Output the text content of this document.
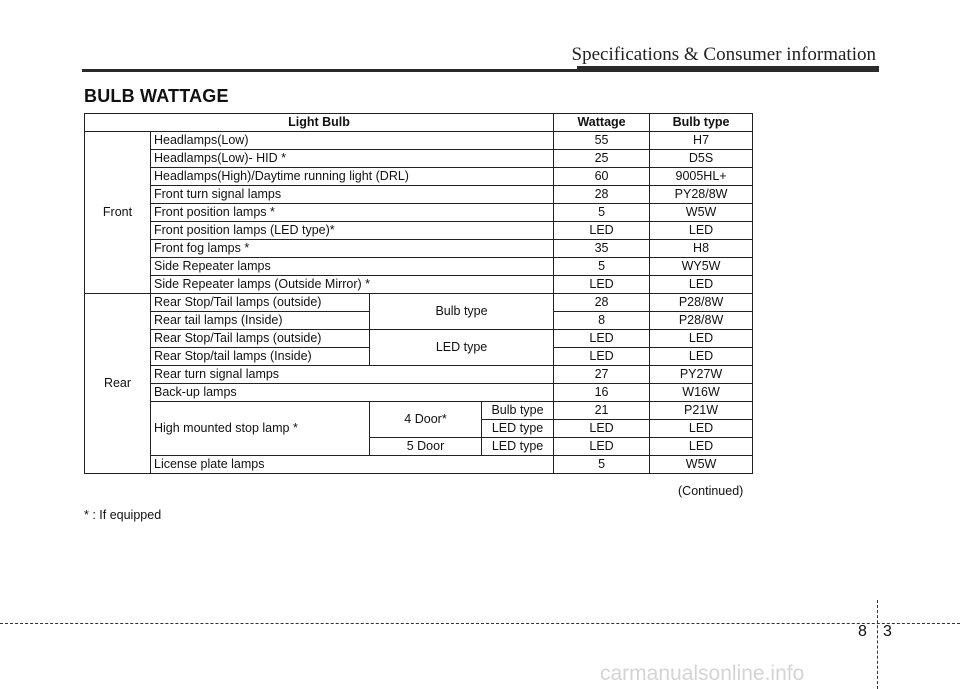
Specifications & Consumer information
BULB WATTAGE
Light Bulb				Wattage	Bulb type
Front	Headlamps(Low)			55	H7
	Headlamps(Low)- HID *			25	D5S
	Headlamps(High)/Daytime running light (DRL)			60	9005HL+
	Front turn signal lamps			28	PY28/8W
	Front position lamps *			5	W5W
	Front position lamps (LED type)*			LED	LED
	Front fog lamps *			35	H8
	Side Repeater lamps			5	WY5W
	Side Repeater lamps (Outside Mirror) *			LED	LED
Rear	Rear Stop/Tail lamps (outside)	Bulb type		28	P28/8W
	Rear tail lamps (Inside)			8	P28/8W
	Rear Stop/Tail lamps (outside)	LED type		LED	LED
	Rear Stop/tail lamps (Inside)			LED	LED
	Rear turn signal lamps			27	PY27W
	Back-up lamps			16	W16W
	High mounted stop lamp *	4 Door*	Bulb type	21	P21W
			LED type	LED	LED
		5 Door	LED type	LED	LED
	License plate lamps			5	W5W
(Continued)
* : If equipped
8 3
carmanualsonline.info
